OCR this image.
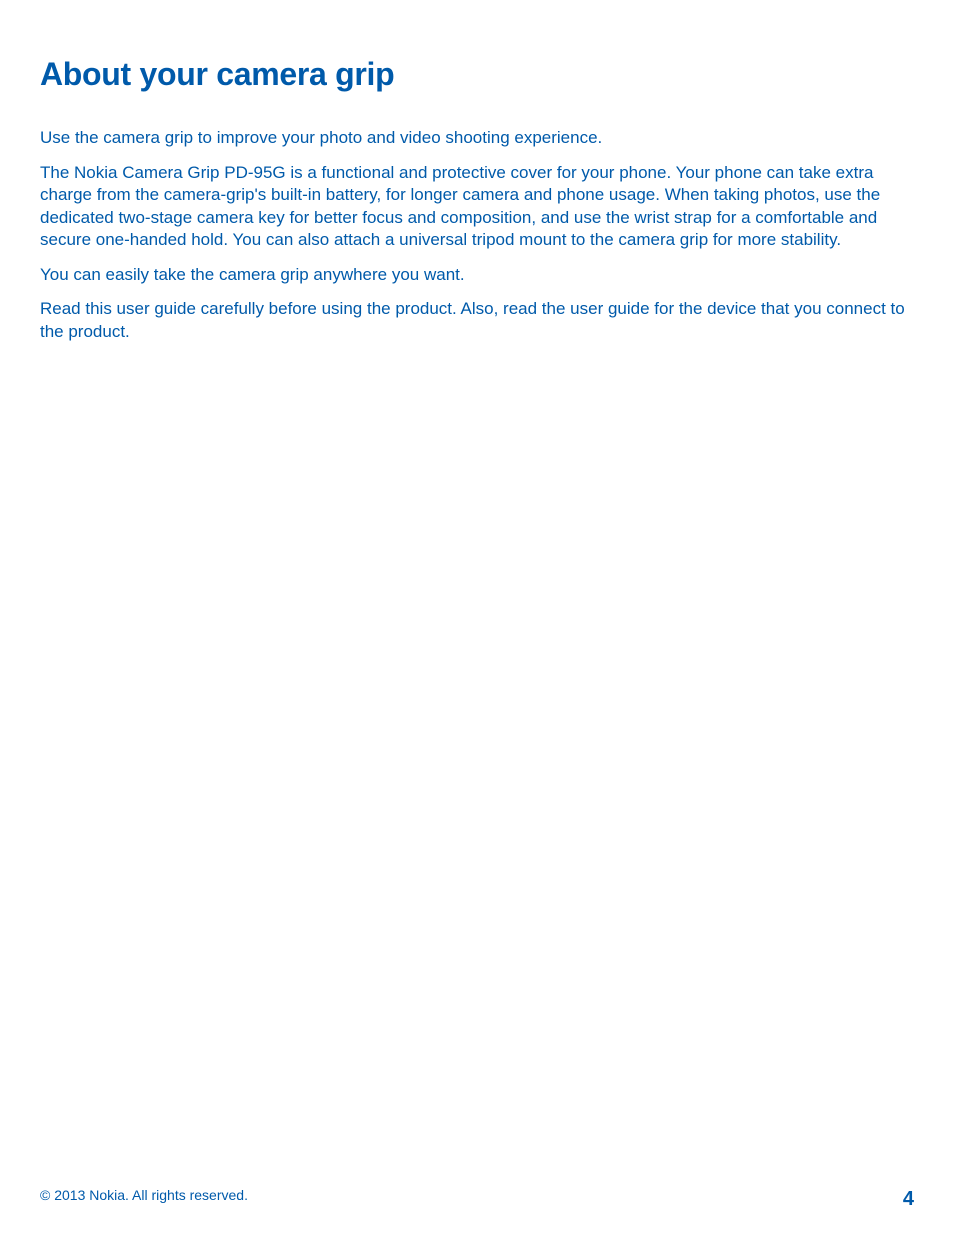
About your camera grip

Use the camera grip to improve your photo and video shooting experience.

The Nokia Camera Grip PD-95G is a functional and protective cover for your phone. Your phone can take extra charge from the camera-grip's built-in battery, for longer camera and phone usage. When taking photos, use the dedicated two-stage camera key for better focus and composition, and use the wrist strap for a comfortable and secure one-handed hold. You can also attach a universal tripod mount to the camera grip for more stability.

You can easily take the camera grip anywhere you want.

Read this user guide carefully before using the product. Also, read the user guide for the device that you connect to the product.

© 2013 Nokia. All rights reserved.	4
